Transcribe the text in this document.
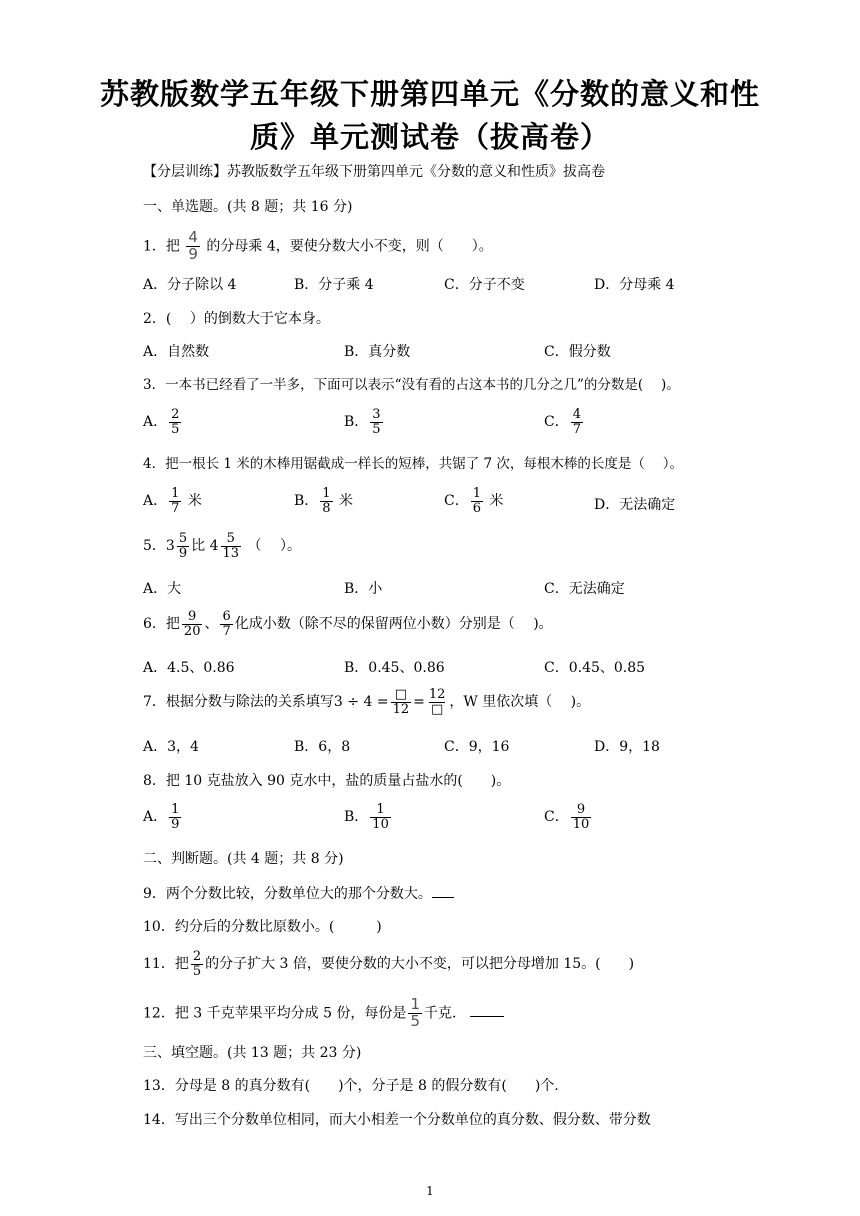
苏教版数学五年级下册第四单元《分数的意义和性
质》单元测试卷（拔高卷）
【分层训练】苏教版数学五年级下册第四单元《分数的意义和性质》拔高卷
一、单选题。(共 8 题；共 16 分)
1．把 $\frac{4}{9}$ 的分母乘 4，要使分数大小不变，则（　　）。
A．分子除以 4	B．分子乘 4	C．分子不变	D．分母乘 4
2．(　 ）的倒数大于它本身。
A．自然数	B．真分数	C．假分数
3．一本书已经看了一半多，下面可以表示“没有看的占这本书的几分之几”的分数是(　 )。
A． $\frac{2}{5}$	B． $\frac{3}{5}$	C． $\frac{4}{7}$
4．把一根长 1 米的木棒用锯截成一样长的短棒，共锯了 7 次，每根木棒的长度是（　 ）。
A． $\frac{1}{7}$ 米	B． $\frac{1}{8}$ 米	C． $\frac{1}{6}$ 米	D．无法确定
5．$3 \frac{5}{9}$ 比 $4 \frac{5}{13}$ （　 ）。
A．大	B．小	C．无法确定
6．把 $\frac{9}{20}$ 、 $\frac{6}{7}$ 化成小数（除不尽的保留两位小数）分别是（　 )。
A．4.5、0.86	B．0.45、0.86	C．0.45、0.85
7．根据分数与除法的关系填写$3 \div 4 = \frac{□}{12} = \frac{12}{□}$ ，W 里依次填（　 )。
A．3，4	B．6，8	C．9，16	D．9，18
8．把 10 克盐放入 90 克水中，盐的质量占盐水的(　　)。
A． $\frac{1}{9}$	B． $\frac{1}{10}$	C． $\frac{9}{10}$
二、判断题。(共 4 题；共 8 分)
9．两个分数比较，分数单位大的那个分数大。
10．约分后的分数比原数小。(　　　)
11．把 $\frac{2}{5}$ 的分子扩大 3 倍，要使分数的大小不变，可以把分母增加 15。(　　)
12．把 3 千克苹果平均分成 5 份，每份是 $\frac{1}{5}$ 千克．
三、填空题。(共 13 题；共 23 分)
13．分母是 8 的真分数有(　　)个，分子是 8 的假分数有(　　)个.
14．写出三个分数单位相同，而大小相差一个分数单位的真分数、假分数、带分数
1
